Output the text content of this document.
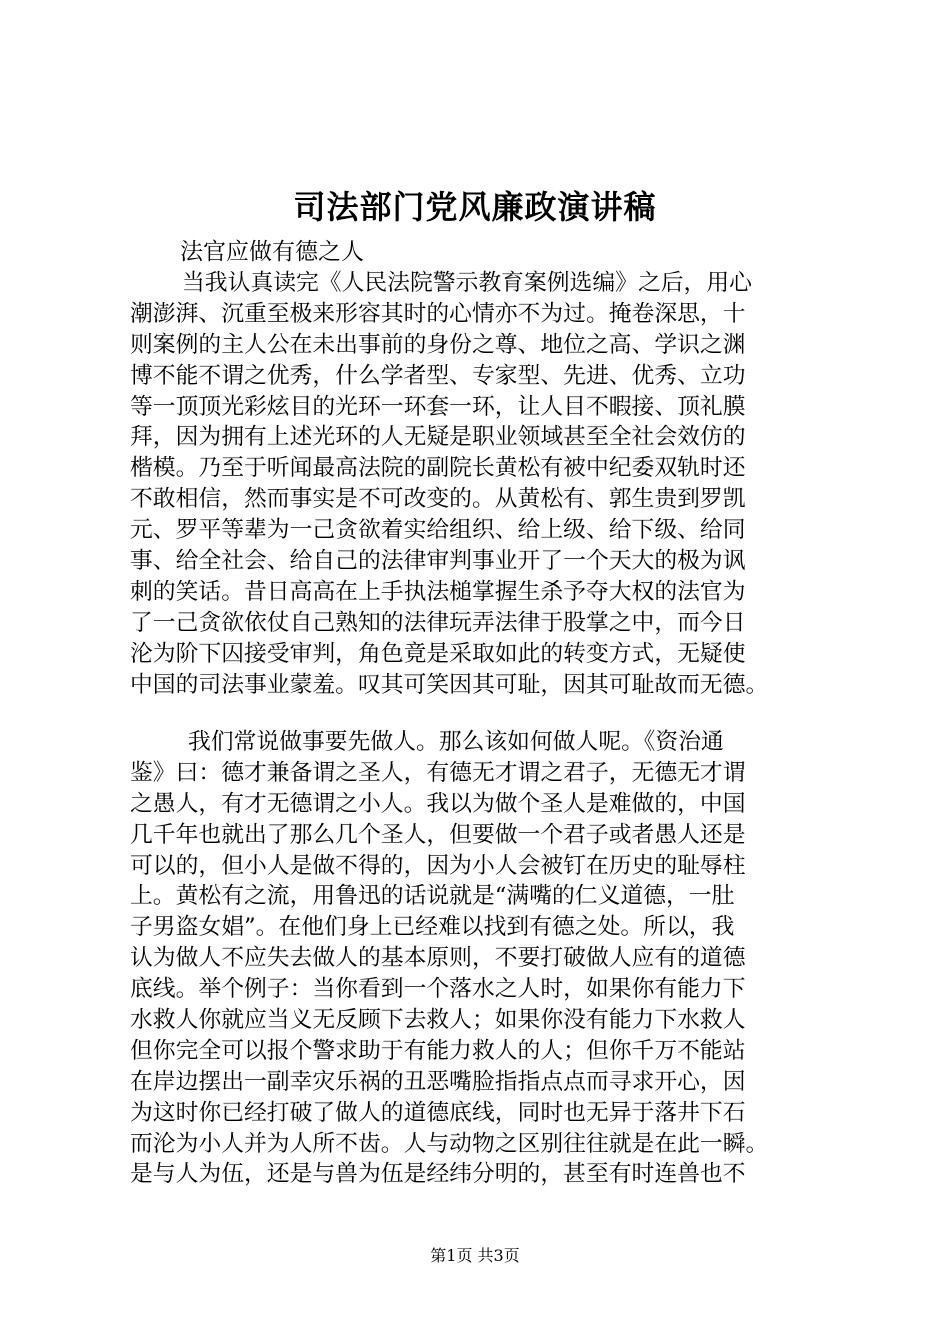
司法部门党风廉政演讲稿
法官应做有德之人
当我认真读完《人民法院警示教育案例选编》之后，用心
潮澎湃、沉重至极来形容其时的心情亦不为过。掩卷深思，十
则案例的主人公在未出事前的身份之尊、地位之高、学识之渊
博不能不谓之优秀，什么学者型、专家型、先进、优秀、立功
等一顶顶光彩炫目的光环一环套一环，让人目不暇接、顶礼膜
拜，因为拥有上述光环的人无疑是职业领域甚至全社会效仿的
楷模。乃至于听闻最高法院的副院长黄松有被中纪委双轨时还
不敢相信，然而事实是不可改变的。从黄松有、郭生贵到罗凯
元、罗平等辈为一己贪欲着实给组织、给上级、给下级、给同
事、给全社会、给自己的法律审判事业开了一个天大的极为讽
刺的笑话。昔日高高在上手执法槌掌握生杀予夺大权的法官为
了一己贪欲依仗自己熟知的法律玩弄法律于股掌之中，而今日
沦为阶下囚接受审判，角色竟是采取如此的转变方式，无疑使
中国的司法事业蒙羞。叹其可笑因其可耻，因其可耻故而无德。
我们常说做事要先做人。那么该如何做人呢。《资治通
鉴》曰：德才兼备谓之圣人，有德无才谓之君子，无德无才谓
之愚人，有才无德谓之小人。我以为做个圣人是难做的，中国
几千年也就出了那么几个圣人，但要做一个君子或者愚人还是
可以的，但小人是做不得的，因为小人会被钉在历史的耻辱柱
上。黄松有之流，用鲁迅的话说就是“满嘴的仁义道德，一肚
子男盗女娼”。在他们身上已经难以找到有德之处。所以，我
认为做人不应失去做人的基本原则，不要打破做人应有的道德
底线。举个例子：当你看到一个落水之人时，如果你有能力下
水救人你就应当义无反顾下去救人；如果你没有能力下水救人
但你完全可以报个警求助于有能力救人的人；但你千万不能站
在岸边摆出一副幸灾乐祸的丑恶嘴脸指指点点而寻求开心，因
为这时你已经打破了做人的道德底线，同时也无异于落井下石
而沦为小人并为人所不齿。人与动物之区别往往就是在此一瞬。
是与人为伍，还是与兽为伍是经纬分明的，甚至有时连兽也不
第1页 共3页
